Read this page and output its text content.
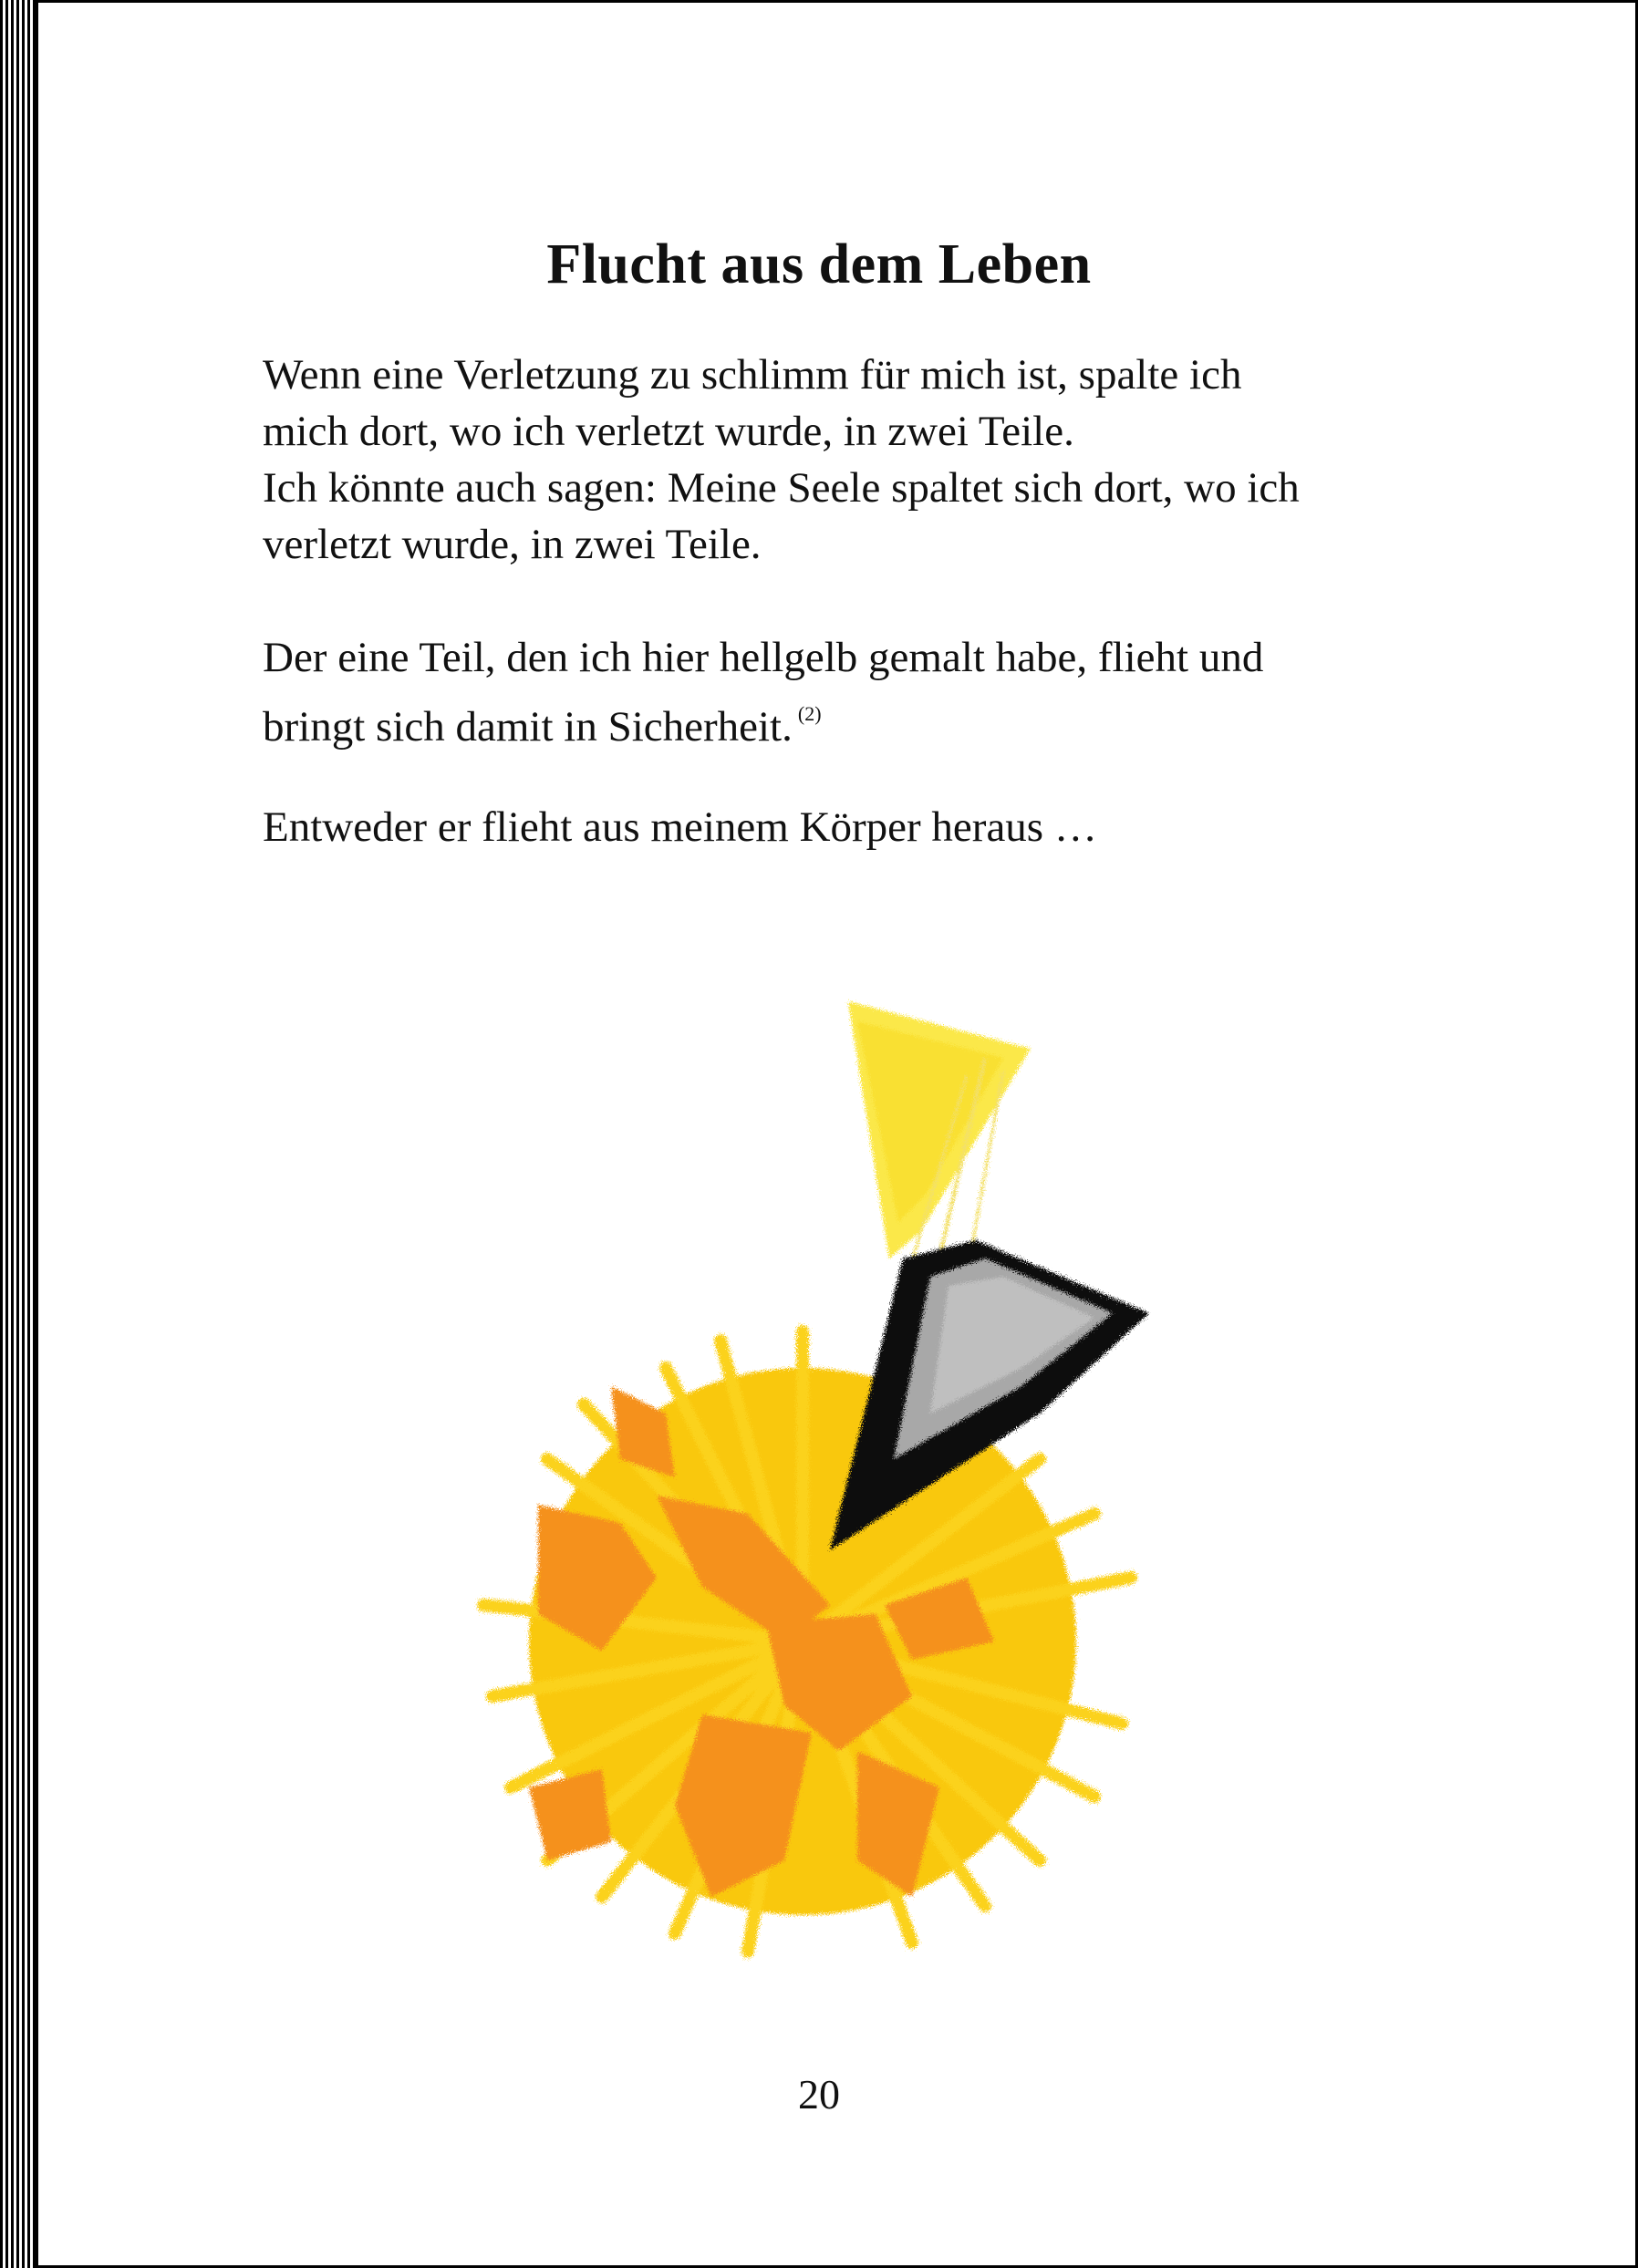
Flucht aus dem Leben

Wenn eine Verletzung zu schlimm für mich ist, spalte ich

mich dort, wo ich verletzt wurde, in zwei Teile.

Ich könnte auch sagen: Meine Seele spaltet sich dort, wo ich

verletzt wurde, in zwei Teile.

Der eine Teil, den ich hier hellgelb gemalt habe, flieht und

bringt sich damit in Sicherheit. $^{(2)}$

Entweder er flieht aus meinem Körper heraus …

20
